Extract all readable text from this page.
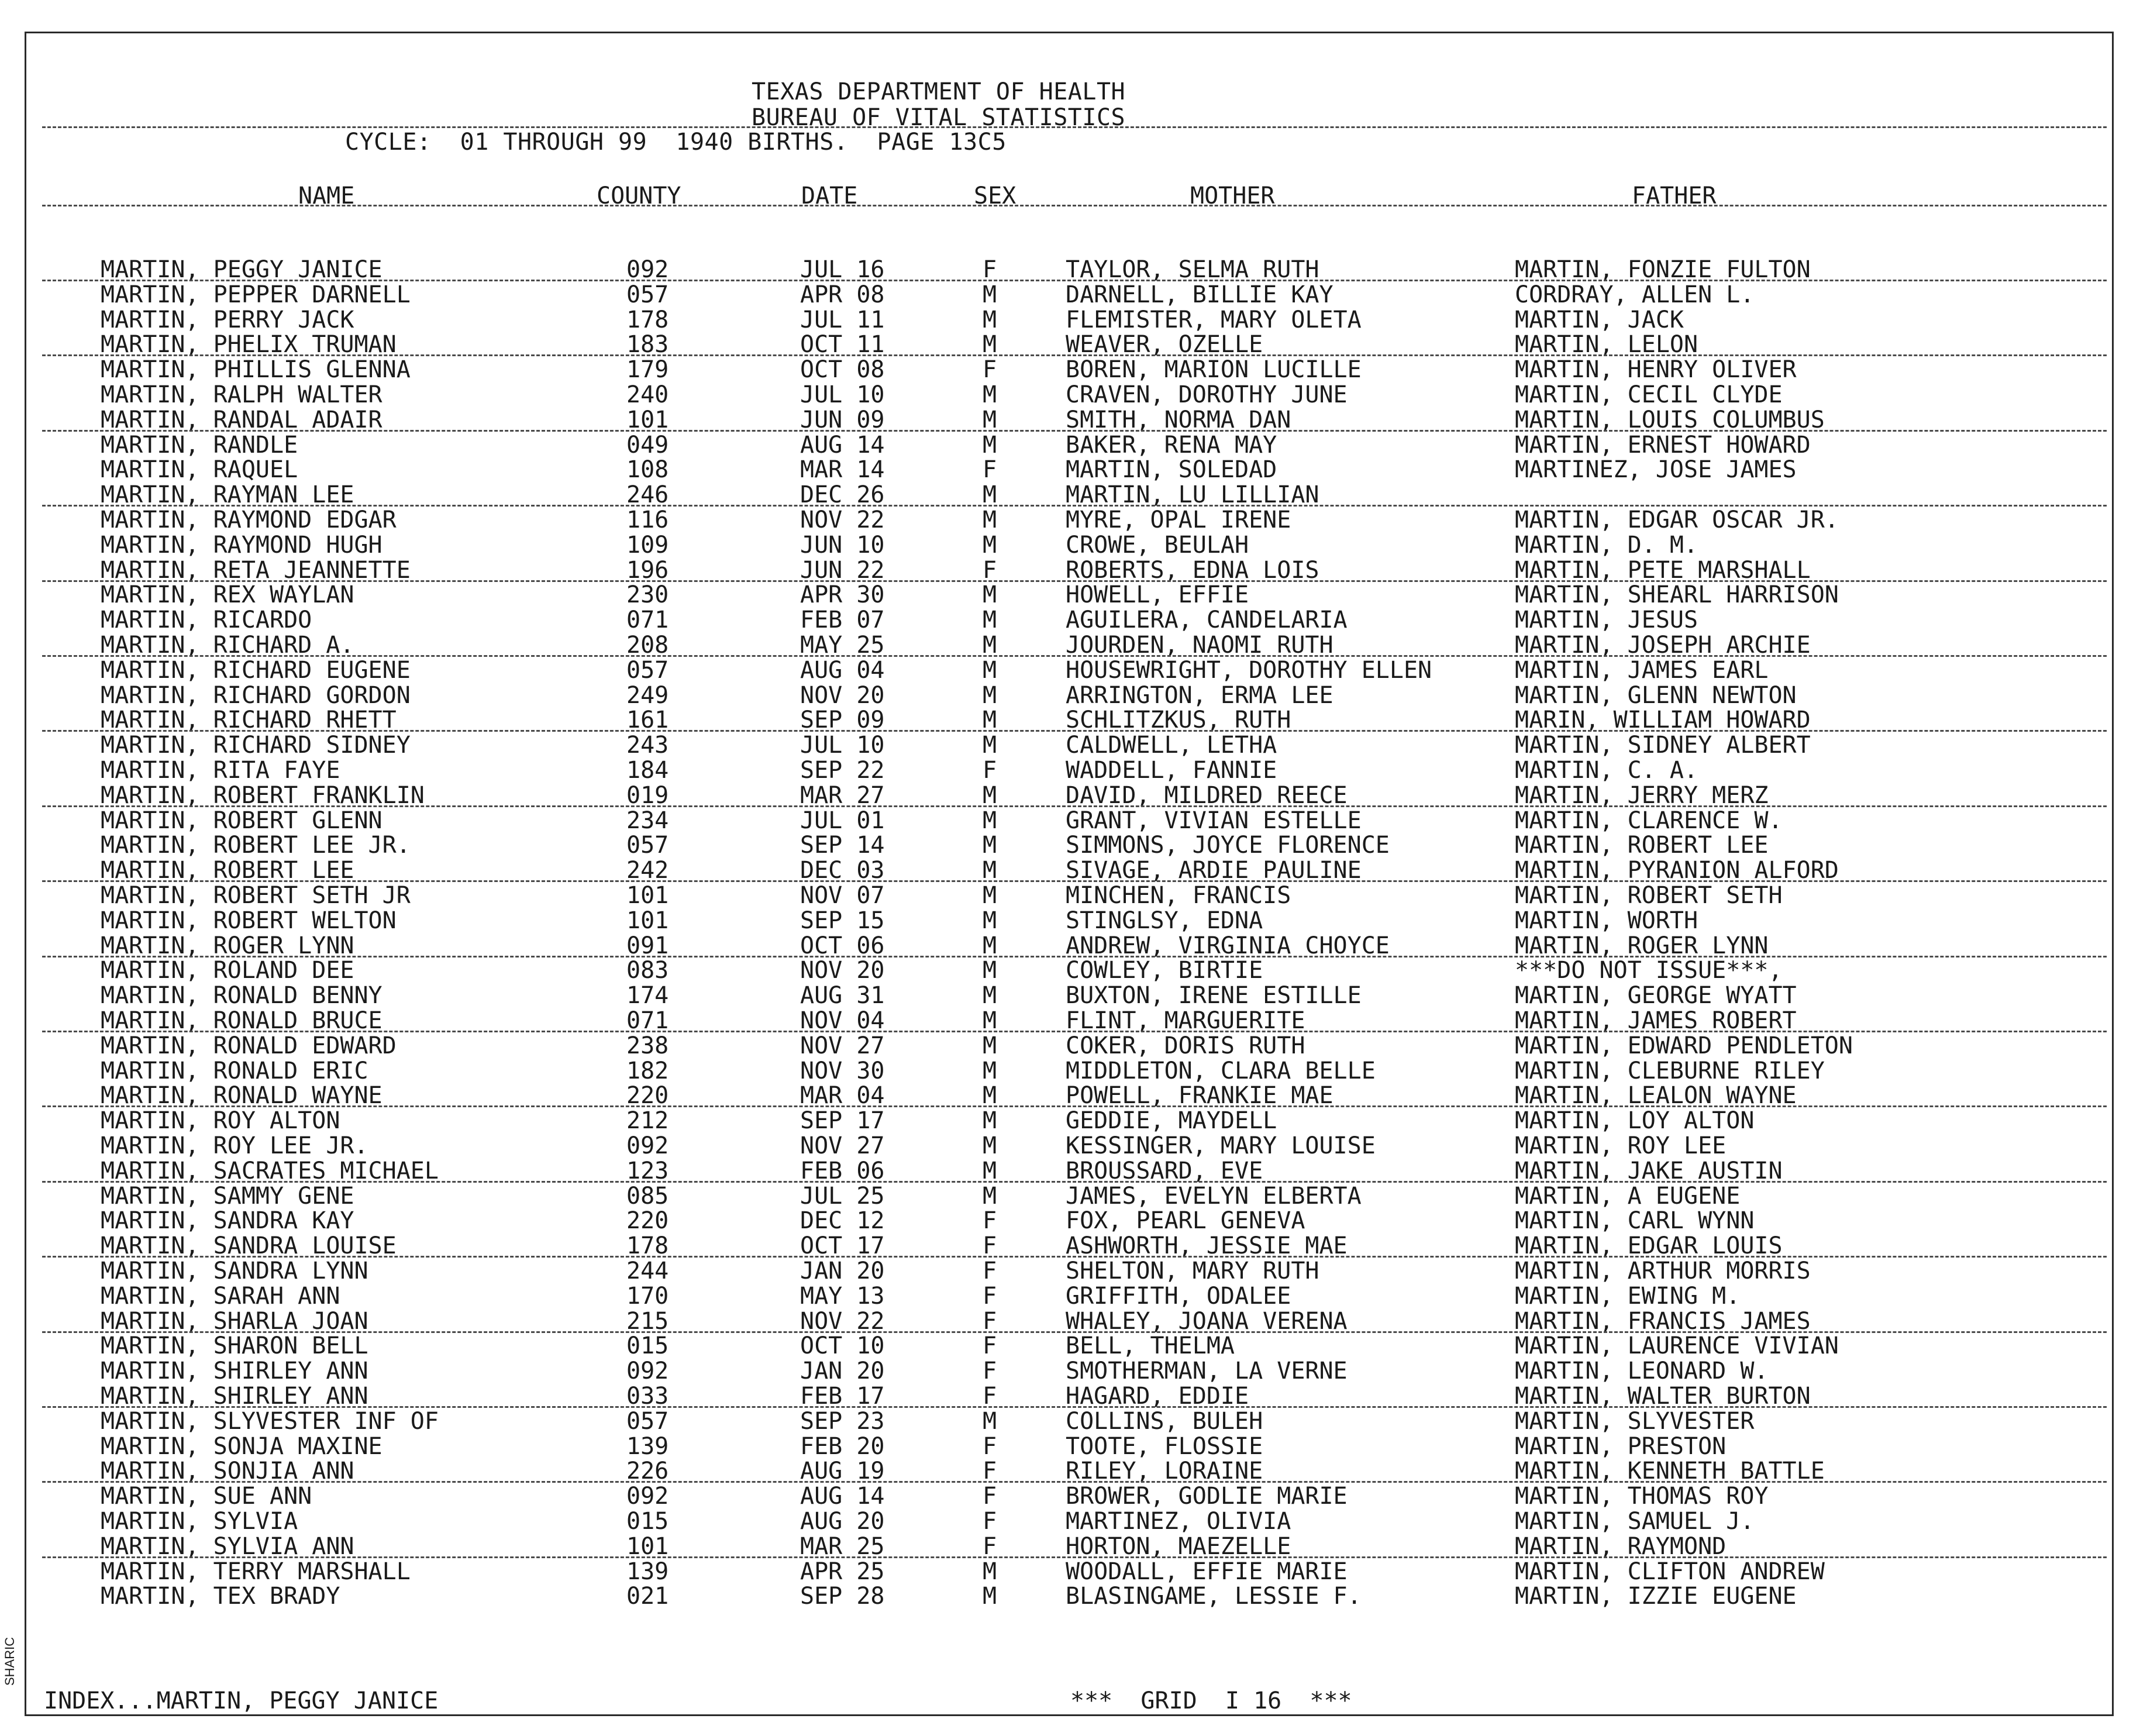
TEXAS DEPARTMENT OF HEALTH
BUREAU OF VITAL STATISTICS
CYCLE:  01 THROUGH 99  1940 BIRTHS.  PAGE 13C5
NAME	COUNTY	DATE	SEX	MOTHER	FATHER
MARTIN, PEGGY JANICE	092	JUL 16	F	TAYLOR, SELMA RUTH	MARTIN, FONZIE FULTON
MARTIN, PEPPER DARNELL	057	APR 08	M	DARNELL, BILLIE KAY	CORDRAY, ALLEN L.
MARTIN, PERRY JACK	178	JUL 11	M	FLEMISTER, MARY OLETA	MARTIN, JACK
MARTIN, PHELIX TRUMAN	183	OCT 11	M	WEAVER, OZELLE	MARTIN, LELON
MARTIN, PHILLIS GLENNA	179	OCT 08	F	BOREN, MARION LUCILLE	MARTIN, HENRY OLIVER
MARTIN, RALPH WALTER	240	JUL 10	M	CRAVEN, DOROTHY JUNE	MARTIN, CECIL CLYDE
MARTIN, RANDAL ADAIR	101	JUN 09	M	SMITH, NORMA DAN	MARTIN, LOUIS COLUMBUS
MARTIN, RANDLE	049	AUG 14	M	BAKER, RENA MAY	MARTIN, ERNEST HOWARD
MARTIN, RAQUEL	108	MAR 14	F	MARTIN, SOLEDAD	MARTINEZ, JOSE JAMES
MARTIN, RAYMAN LEE	246	DEC 26	M	MARTIN, LU LILLIAN
MARTIN, RAYMOND EDGAR	116	NOV 22	M	MYRE, OPAL IRENE	MARTIN, EDGAR OSCAR JR.
MARTIN, RAYMOND HUGH	109	JUN 10	M	CROWE, BEULAH	MARTIN, D. M.
MARTIN, RETA JEANNETTE	196	JUN 22	F	ROBERTS, EDNA LOIS	MARTIN, PETE MARSHALL
MARTIN, REX WAYLAN	230	APR 30	M	HOWELL, EFFIE	MARTIN, SHEARL HARRISON
MARTIN, RICARDO	071	FEB 07	M	AGUILERA, CANDELARIA	MARTIN, JESUS
MARTIN, RICHARD A.	208	MAY 25	M	JOURDEN, NAOMI RUTH	MARTIN, JOSEPH ARCHIE
MARTIN, RICHARD EUGENE	057	AUG 04	M	HOUSEWRIGHT, DOROTHY ELLEN	MARTIN, JAMES EARL
MARTIN, RICHARD GORDON	249	NOV 20	M	ARRINGTON, ERMA LEE	MARTIN, GLENN NEWTON
MARTIN, RICHARD RHETT	161	SEP 09	M	SCHLITZKUS, RUTH	MARIN, WILLIAM HOWARD
MARTIN, RICHARD SIDNEY	243	JUL 10	M	CALDWELL, LETHA	MARTIN, SIDNEY ALBERT
MARTIN, RITA FAYE	184	SEP 22	F	WADDELL, FANNIE	MARTIN, C. A.
MARTIN, ROBERT FRANKLIN	019	MAR 27	M	DAVID, MILDRED REECE	MARTIN, JERRY MERZ
MARTIN, ROBERT GLENN	234	JUL 01	M	GRANT, VIVIAN ESTELLE	MARTIN, CLARENCE W.
MARTIN, ROBERT LEE JR.	057	SEP 14	M	SIMMONS, JOYCE FLORENCE	MARTIN, ROBERT LEE
MARTIN, ROBERT LEE	242	DEC 03	M	SIVAGE, ARDIE PAULINE	MARTIN, PYRANION ALFORD
MARTIN, ROBERT SETH JR	101	NOV 07	M	MINCHEN, FRANCIS	MARTIN, ROBERT SETH
MARTIN, ROBERT WELTON	101	SEP 15	M	STINGLSY, EDNA	MARTIN, WORTH
MARTIN, ROGER LYNN	091	OCT 06	M	ANDREW, VIRGINIA CHOYCE	MARTIN, ROGER LYNN
MARTIN, ROLAND DEE	083	NOV 20	M	COWLEY, BIRTIE	***DO NOT ISSUE***,
MARTIN, RONALD BENNY	174	AUG 31	M	BUXTON, IRENE ESTILLE	MARTIN, GEORGE WYATT
MARTIN, RONALD BRUCE	071	NOV 04	M	FLINT, MARGUERITE	MARTIN, JAMES ROBERT
MARTIN, RONALD EDWARD	238	NOV 27	M	COKER, DORIS RUTH	MARTIN, EDWARD PENDLETON
MARTIN, RONALD ERIC	182	NOV 30	M	MIDDLETON, CLARA BELLE	MARTIN, CLEBURNE RILEY
MARTIN, RONALD WAYNE	220	MAR 04	M	POWELL, FRANKIE MAE	MARTIN, LEALON WAYNE
MARTIN, ROY ALTON	212	SEP 17	M	GEDDIE, MAYDELL	MARTIN, LOY ALTON
MARTIN, ROY LEE JR.	092	NOV 27	M	KESSINGER, MARY LOUISE	MARTIN, ROY LEE
MARTIN, SACRATES MICHAEL	123	FEB 06	M	BROUSSARD, EVE	MARTIN, JAKE AUSTIN
MARTIN, SAMMY GENE	085	JUL 25	M	JAMES, EVELYN ELBERTA	MARTIN, A EUGENE
MARTIN, SANDRA KAY	220	DEC 12	F	FOX, PEARL GENEVA	MARTIN, CARL WYNN
MARTIN, SANDRA LOUISE	178	OCT 17	F	ASHWORTH, JESSIE MAE	MARTIN, EDGAR LOUIS
MARTIN, SANDRA LYNN	244	JAN 20	F	SHELTON, MARY RUTH	MARTIN, ARTHUR MORRIS
MARTIN, SARAH ANN	170	MAY 13	F	GRIFFITH, ODALEE	MARTIN, EWING M.
MARTIN, SHARLA JOAN	215	NOV 22	F	WHALEY, JOANA VERENA	MARTIN, FRANCIS JAMES
MARTIN, SHARON BELL	015	OCT 10	F	BELL, THELMA	MARTIN, LAURENCE VIVIAN
MARTIN, SHIRLEY ANN	092	JAN 20	F	SMOTHERMAN, LA VERNE	MARTIN, LEONARD W.
MARTIN, SHIRLEY ANN	033	FEB 17	F	HAGARD, EDDIE	MARTIN, WALTER BURTON
MARTIN, SLYVESTER INF OF	057	SEP 23	M	COLLINS, BULEH	MARTIN, SLYVESTER
MARTIN, SONJA MAXINE	139	FEB 20	F	TOOTE, FLOSSIE	MARTIN, PRESTON
MARTIN, SONJIA ANN	226	AUG 19	F	RILEY, LORAINE	MARTIN, KENNETH BATTLE
MARTIN, SUE ANN	092	AUG 14	F	BROWER, GODLIE MARIE	MARTIN, THOMAS ROY
MARTIN, SYLVIA	015	AUG 20	F	MARTINEZ, OLIVIA	MARTIN, SAMUEL J.
MARTIN, SYLVIA ANN	101	MAR 25	F	HORTON, MAEZELLE	MARTIN, RAYMOND
MARTIN, TERRY MARSHALL	139	APR 25	M	WOODALL, EFFIE MARIE	MARTIN, CLIFTON ANDREW
MARTIN, TEX BRADY	021	SEP 28	M	BLASINGAME, LESSIE F.	MARTIN, IZZIE EUGENE
INDEX...MARTIN, PEGGY JANICE	***  GRID  I 16  ***
SHARIC
